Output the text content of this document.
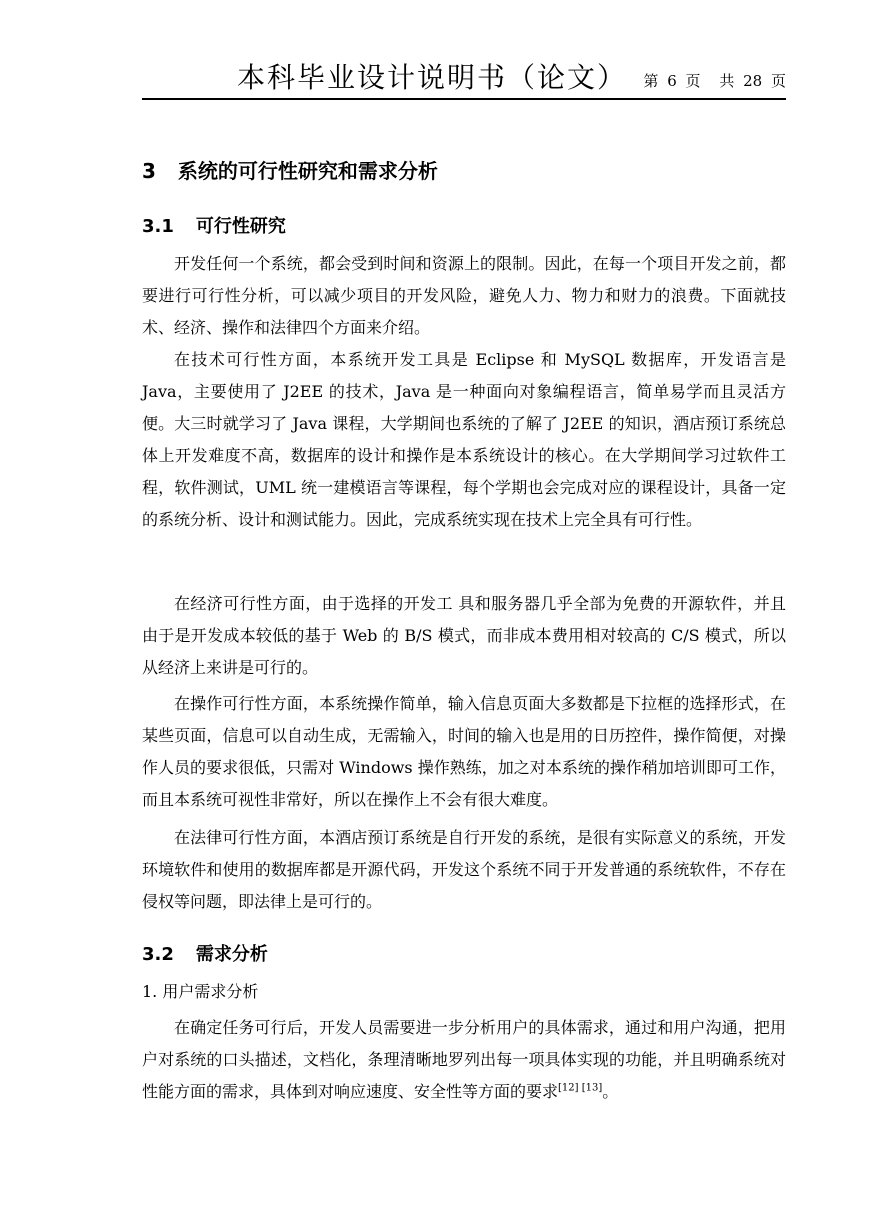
本科毕业设计说明书（论文） 第 6 页 共 28 页
3 系统的可行性研究和需求分析
3.1 可行性研究

开发任何一个系统，都会受到时间和资源上的限制。因此，在每一个项目开发之前，都要进行可行性分析，可以减少项目的开发风险，避免人力、物力和财力的浪费。下面就技术、经济、操作和法律四个方面来介绍。

在技术可行性方面，本系统开发工具是 Eclipse 和 MySQL 数据库，开发语言是 Java，主要使用了 J2EE 的技术，Java 是一种面向对象编程语言，简单易学而且灵活方便。大三时就学习了 Java 课程，大学期间也系统的了解了 J2EE 的知识，酒店预订系统总体上开发难度不高，数据库的设计和操作是本系统设计的核心。在大学期间学习过软件工程，软件测试，UML 统一建模语言等课程，每个学期也会完成对应的课程设计，具备一定的系统分析、设计和测试能力。因此，完成系统实现在技术上完全具有可行性。

在经济可行性方面，由于选择的开发工 具和服务器几乎全部为免费的开源软件，并且由于是开发成本较低的基于 Web 的 B/S 模式，而非成本费用相对较高的 C/S 模式，所以从经济上来讲是可行的。

在操作可行性方面，本系统操作简单，输入信息页面大多数都是下拉框的选择形式，在某些页面，信息可以自动生成，无需输入，时间的输入也是用的日历控件，操作简便，对操作人员的要求很低，只需对 Windows 操作熟练，加之对本系统的操作稍加培训即可工作，而且本系统可视性非常好，所以在操作上不会有很大难度。

在法律可行性方面，本酒店预订系统是自行开发的系统，是很有实际意义的系统，开发环境软件和使用的数据库都是开源代码，开发这个系统不同于开发普通的系统软件，不存在侵权等问题，即法律上是可行的。

3.2 需求分析
1. 用户需求分析

在确定任务可行后，开发人员需要进一步分析用户的具体需求，通过和用户沟通，把用户对系统的口头描述，文档化，条理清晰地罗列出每一项具体实现的功能，并且明确系统对性能方面的需求，具体到对响应速度、安全性等方面的要求[12] [13]。
